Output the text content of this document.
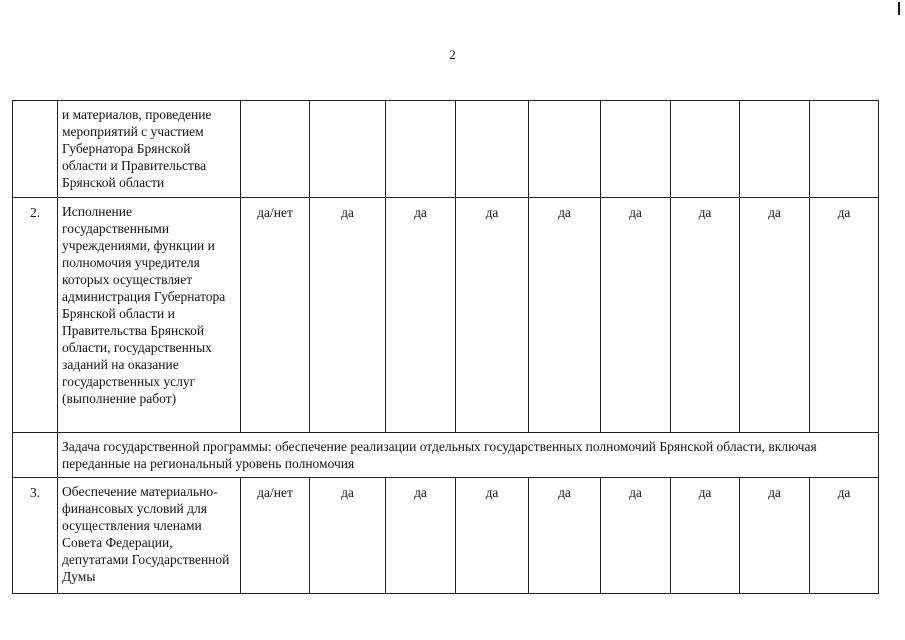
2
	и материалов, проведение мероприятий с участием Губернатора Брянской области и Правительства Брянской области									
2.	Исполнение государственными учреждениями, функции и полномочия учредителя которых осуществляет администрация Губернатора Брянской области и Правительства Брянской области, государственных заданий на оказание государственных услуг (выполнение работ)	да/нет	да	да	да	да	да	да	да	да
	Задача государственной программы: обеспечение реализации отдельных государственных полномочий Брянской области, включая переданные на региональный уровень полномочия									
3.	Обеспечение материально-финансовых условий для осуществления членами Совета Федерации, депутатами Государственной Думы	да/нет	да	да	да	да	да	да	да	да
